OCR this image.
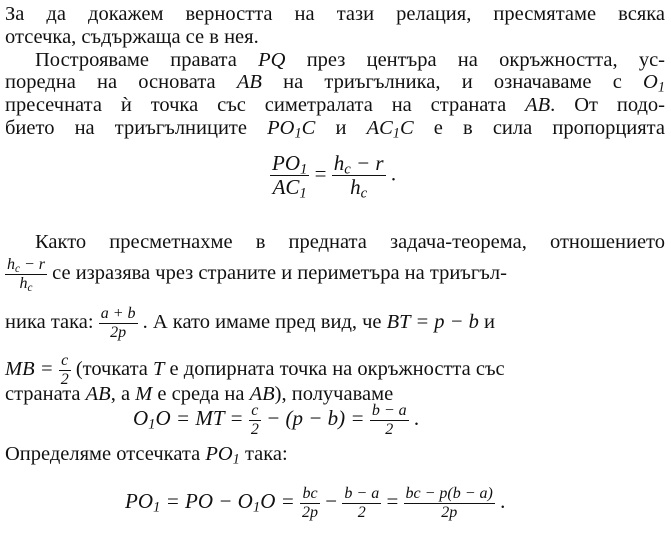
За да докажем верността на тази релация, пресмятаме всяка
отсечка, съдържаща се в нея.
Построяваме правата PQ през центъра на окръжността, ус-
поредна на основата AB на триъгълника, и означаваме с $O_1$
пресечната ѝ точка със симетралата на страната AB. От подо-
бието на триъгълниците $PO_1C$ и $AC_1C$ е в сила пропорцията
$\frac{PO_1}{AC_1} = \frac{h_c - r}{h_c}$ .
Както пресметнахме в предната задача-теорема, отношението
$\frac{h_c - r}{h_c}$ се изразява чрез страните и периметъра на триъгъл-
ника така: $\frac{a + b}{2p}$ . А като имаме пред вид, че BT = p − b и
MB = $\frac{c}{2}$ (точката T е допирната точка на окръжността със
страната AB, а M е среда на AB), получаваме
$O_1O$ = MT = $\frac{c}{2} - (p - b) = \frac{b - a}{2}$ .
Определяме отсечката $PO_1$ така:
$PO_1$ = PO − $O_1O = \frac{bc}{2p} - \frac{b - a}{2} = \frac{bc - p(b - a)}{2p}$ .
